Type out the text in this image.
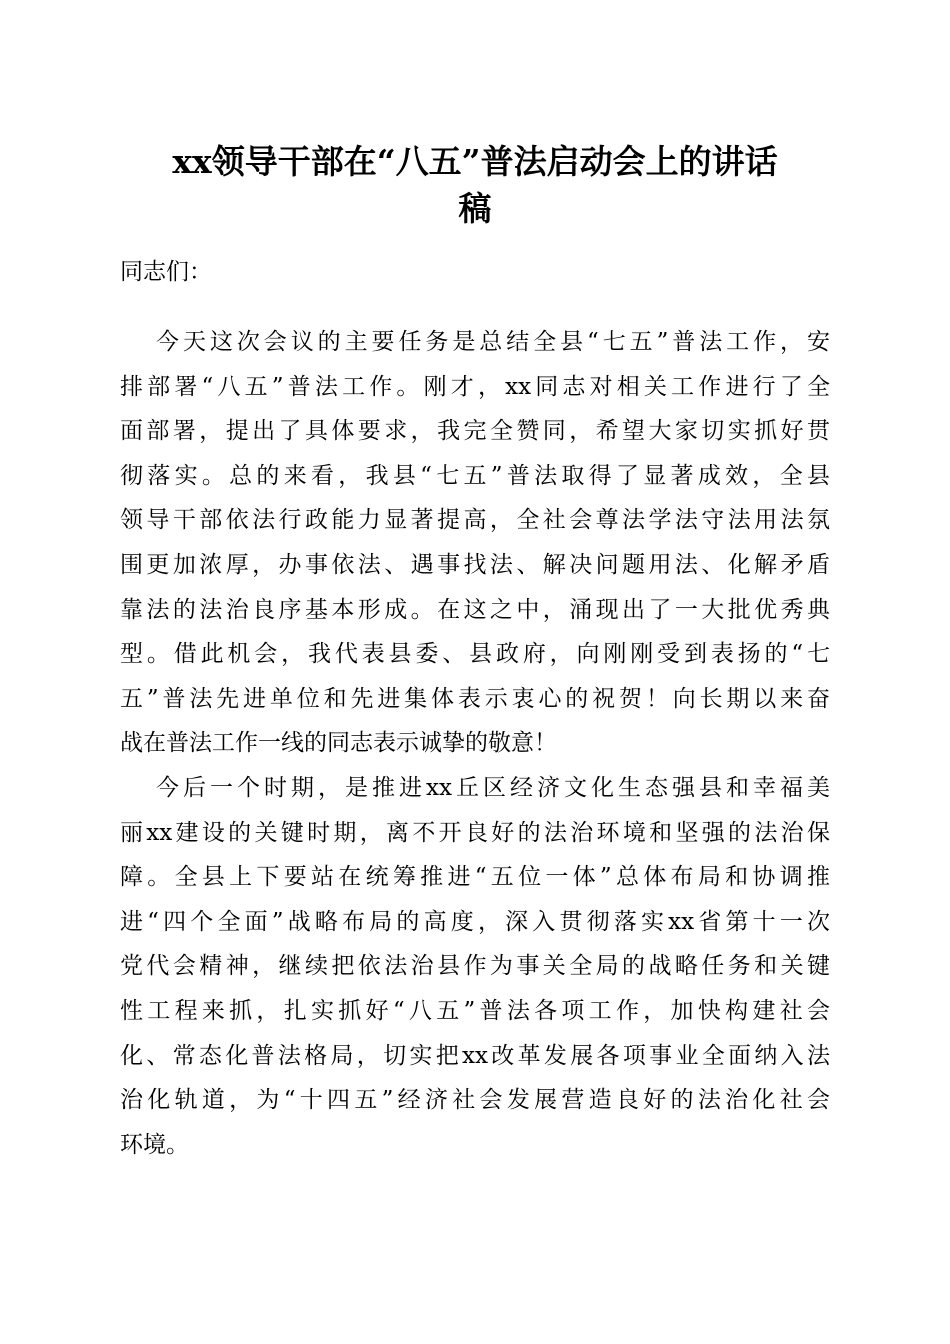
xx领导干部在“八五”普法启动会上的讲话
稿
同志们：
今天这次会议的主要任务是总结全县“七五”普法工作，安
排部署“八五”普法工作。刚才，xx同志对相关工作进行了全
面部署，提出了具体要求，我完全赞同，希望大家切实抓好贯
彻落实。总的来看，我县“七五”普法取得了显著成效，全县
领导干部依法行政能力显著提高，全社会尊法学法守法用法氛
围更加浓厚，办事依法、遇事找法、解决问题用法、化解矛盾
靠法的法治良序基本形成。在这之中，涌现出了一大批优秀典
型。借此机会，我代表县委、县政府，向刚刚受到表扬的“七
五”普法先进单位和先进集体表示衷心的祝贺！向长期以来奋
战在普法工作一线的同志表示诚挚的敬意！
今后一个时期，是推进xx丘区经济文化生态强县和幸福美
丽xx建设的关键时期，离不开良好的法治环境和坚强的法治保
障。全县上下要站在统筹推进“五位一体”总体布局和协调推
进“四个全面”战略布局的高度，深入贯彻落实xx省第十一次
党代会精神，继续把依法治县作为事关全局的战略任务和关键
性工程来抓，扎实抓好“八五”普法各项工作，加快构建社会
化、常态化普法格局，切实把xx改革发展各项事业全面纳入法
治化轨道，为“十四五”经济社会发展营造良好的法治化社会
环境。
